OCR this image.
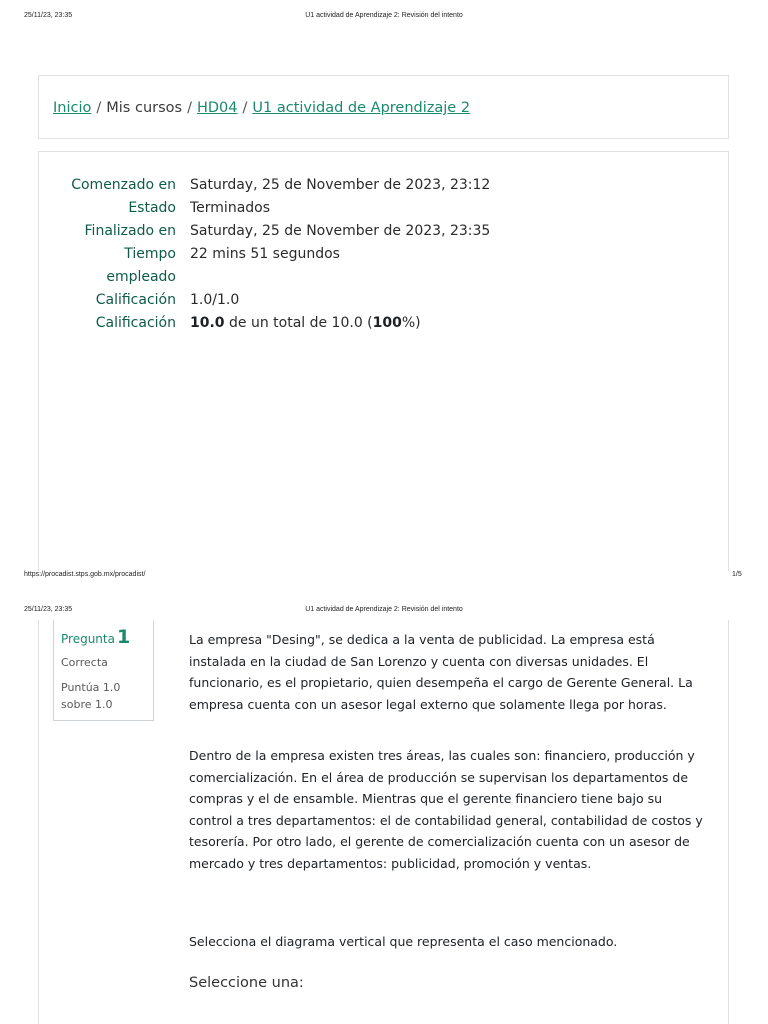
25/11/23, 23:35	U1 actividad de Aprendizaje 2: Revisión del intento
Inicio / Mis cursos / HD04 / U1 actividad de Aprendizaje 2
Comenzado en	Saturday, 25 de November de 2023, 23:12
Estado	Terminados
Finalizado en	Saturday, 25 de November de 2023, 23:35
Tiempo
empleado	22 mins 51 segundos
Calificación	1.0/1.0
Calificación	10.0 de un total de 10.0 (100%)
https://procadist.stps.gob.mx/procadist/	1/5
25/11/23, 23:35	U1 actividad de Aprendizaje 2: Revisión del intento
Pregunta 1
Correcta
Puntúa 1.0
sobre 1.0

La empresa "Desing", se dedica a la venta de publicidad. La empresa está instalada en la ciudad de San Lorenzo y cuenta con diversas unidades. El funcionario, es el propietario, quien desempeña el cargo de Gerente General. La empresa cuenta con un asesor legal externo que solamente llega por horas.

Dentro de la empresa existen tres áreas, las cuales son: financiero, producción y comercialización. En el área de producción se supervisan los departamentos de compras y el de ensamble. Mientras que el gerente financiero tiene bajo su control a tres departamentos: el de contabilidad general, contabilidad de costos y tesorería. Por otro lado, el gerente de comercialización cuenta con un asesor de mercado y tres departamentos: publicidad, promoción y ventas.

Selecciona el diagrama vertical que representa el caso mencionado.

Seleccione una:
